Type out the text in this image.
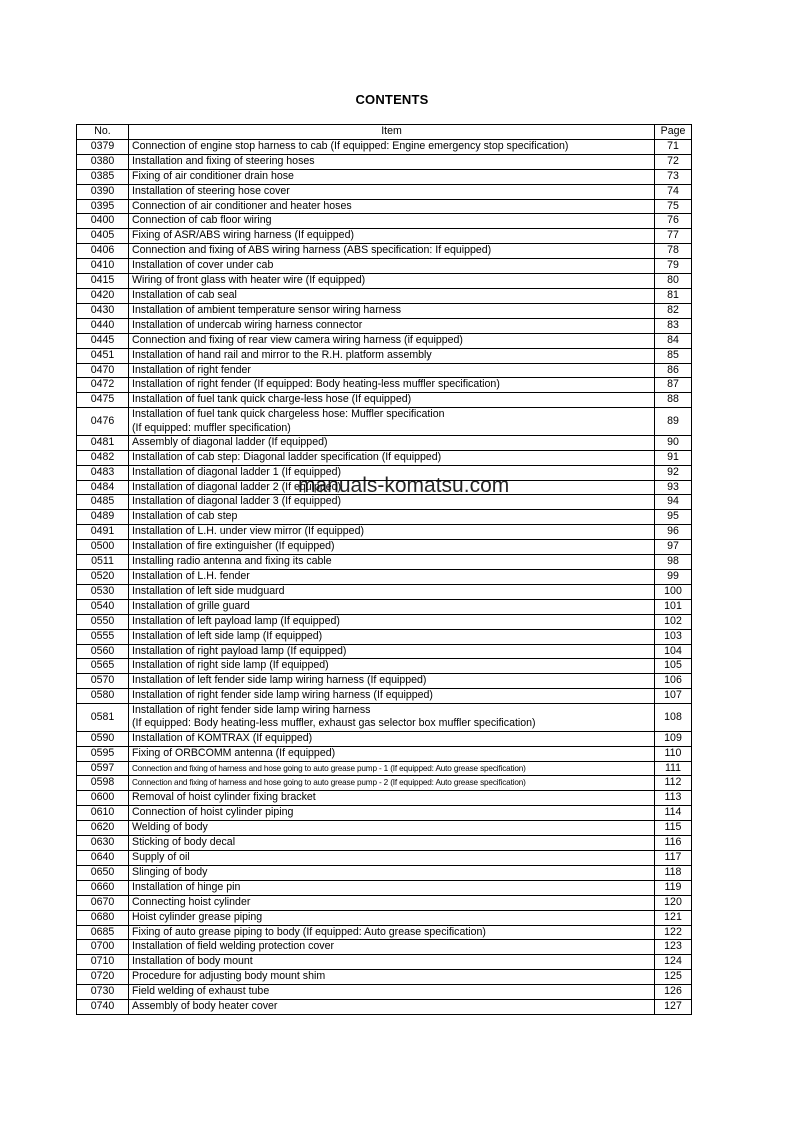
CONTENTS
No.	Item	Page
0379	Connection of engine stop harness to cab (If equipped: Engine emergency stop specification)	71
0380	Installation and fixing of steering hoses	72
0385	Fixing of air conditioner drain hose	73
0390	Installation of steering hose cover	74
0395	Connection of air conditioner and heater hoses	75
0400	Connection of cab floor wiring	76
0405	Fixing of ASR/ABS wiring harness (If equipped)	77
0406	Connection and fixing of ABS wiring harness (ABS specification: If equipped)	78
0410	Installation of cover under cab	79
0415	Wiring of front glass with heater wire (If equipped)	80
0420	Installation of cab seal	81
0430	Installation of ambient temperature sensor wiring harness	82
0440	Installation of undercab wiring harness connector	83
0445	Connection and fixing of rear view camera wiring harness (if equipped)	84
0451	Installation of hand rail and mirror to the R.H. platform assembly	85
0470	Installation of right fender	86
0472	Installation of right fender (If equipped: Body heating-less muffler specification)	87
0475	Installation of fuel tank quick charge-less hose (If equipped)	88
0476	Installation of fuel tank quick chargeless hose: Muffler specification
(If equipped: muffler specification)	89
0481	Assembly of diagonal ladder (If equipped)	90
0482	Installation of cab step: Diagonal ladder specification (If equipped)	91
0483	Installation of diagonal ladder 1 (If equipped)	92
0484	Installation of diagonal ladder 2 (If equipped)	93
0485	Installation of diagonal ladder 3 (If equipped)	94
0489	Installation of cab step	95
0491	Installation of L.H. under view mirror (If equipped)	96
0500	Installation of fire extinguisher (If equipped)	97
0511	Installing radio antenna and fixing its cable	98
0520	Installation of L.H. fender	99
0530	Installation of left side mudguard	100
0540	Installation of grille guard	101
0550	Installation of left payload lamp (If equipped)	102
0555	Installation of left side lamp (If equipped)	103
0560	Installation of right payload lamp (If equipped)	104
0565	Installation of right side lamp (If equipped)	105
0570	Installation of left fender side lamp wiring harness (If equipped)	106
0580	Installation of right fender side lamp wiring harness (If equipped)	107
0581	Installation of right fender side lamp wiring harness
(If equipped: Body heating-less muffler, exhaust gas selector box muffler specification)	108
0590	Installation of KOMTRAX (If equipped)	109
0595	Fixing of ORBCOMM antenna (If equipped)	110
0597	Connection and fixing of harness and hose going to auto grease pump - 1 (If equipped: Auto grease specification)	111
0598	Connection and fixing of harness and hose going to auto grease pump - 2 (If equipped: Auto grease specification)	112
0600	Removal of hoist cylinder fixing bracket	113
0610	Connection of hoist cylinder piping	114
0620	Welding of body	115
0630	Sticking of body decal	116
0640	Supply of oil	117
0650	Slinging of body	118
0660	Installation of hinge pin	119
0670	Connecting hoist cylinder	120
0680	Hoist cylinder grease piping	121
0685	Fixing of auto grease piping to body (If equipped: Auto grease specification)	122
0700	Installation of field welding protection cover	123
0710	Installation of body mount	124
0720	Procedure for adjusting body mount shim	125
0730	Field welding of exhaust tube	126
0740	Assembly of body heater cover	127
manuals-komatsu.com
